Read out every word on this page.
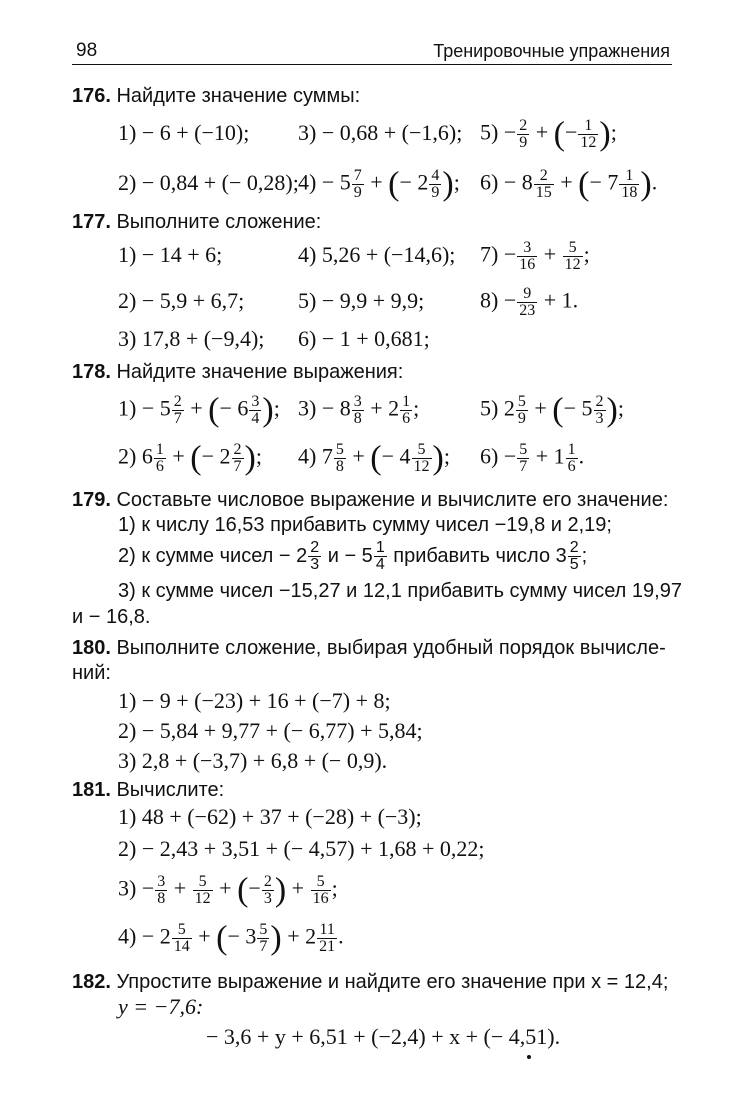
98	Тренировочные упражнения
176. Найдите значение суммы:
1) − 6 + (−10); 3) − 0,68 + (−1,6); $5) - \frac{2}{9}$ + (− $\frac{1}{12}$ );
2) − 0,84 + (− 0,28); $4) - 5 \frac{7}{9}$ + (− $2 \frac{4}{9}$ ); $6) - 8 \frac{2}{15}$ + (− $7 \frac{1}{18}$ ).
177. Выполните сложение:
1) − 14 + 6;	4) 5,26 + (−14,6); $7) - \frac{3}{16} + \frac{5}{12}$ ;
2) − 5,9 + 6,7; 5) − 9,9 + 9,9;	$8) - \frac{9}{23} + 1$.
3) 17,8 + (−9,4); 6) − 1 + 0,681;
178. Найдите значение выражения:
$1) - 5 \frac{2}{7}$ + (− $6 \frac{3}{4}$ ); $3) - 8 \frac{3}{8} + 2 \frac{1}{6}$ ;	5) $2 \frac{5}{9}$ + (− $5 \frac{2}{3}$ );
2) $6 \frac{1}{6}$ + (− $2 \frac{2}{7}$ ); 4) $7 \frac{5}{8}$ + (− $4 \frac{5}{12}$ ); $6) - \frac{5}{7} + 1 \frac{1}{6}$ .
179. Составьте числовое выражение и вычислите его значение:
1) к числу 16,53 прибавить сумму чисел −19,8 и 2,19;
2) к сумме чисел − $2 \frac{2}{3}$ $и - 5 \frac{1}{4}$ прибавить число $3 \frac{2}{5}$ ;
3) к сумме чисел −15,27 и 12,1 прибавить сумму чисел 19,97
и − 16,8.
180. Выполните сложение, выбирая удобный порядок вычисле-
ний:
1) − 9 + (−23) + 16 + (−7) + 8;
2) − 5,84 + 9,77 + (− 6,77) + 5,84;
3) 2,8 + (−3,7) + 6,8 + (− 0,9).
181. Вычислите:
1) 48 + (−62) + 37 + (−28) + (−3);
2) − 2,43 + 3,51 + (− 4,57) + 1,68 + 0,22;
$3) - \frac{3}{8} + \frac{5}{12}$ + (− $\frac{2}{3}$ ) + $\frac{5}{16}$ ;
$4) - 2 \frac{5}{14}$ + (− $3 \frac{5}{7}$ ) + $2 \frac{11}{21}$ .
182. Упростите выражение и найдите его значение при x = 12,4;
y = −7,6:
− 3,6 + y + 6,51 + (−2,4) + x + (− 4,51).
